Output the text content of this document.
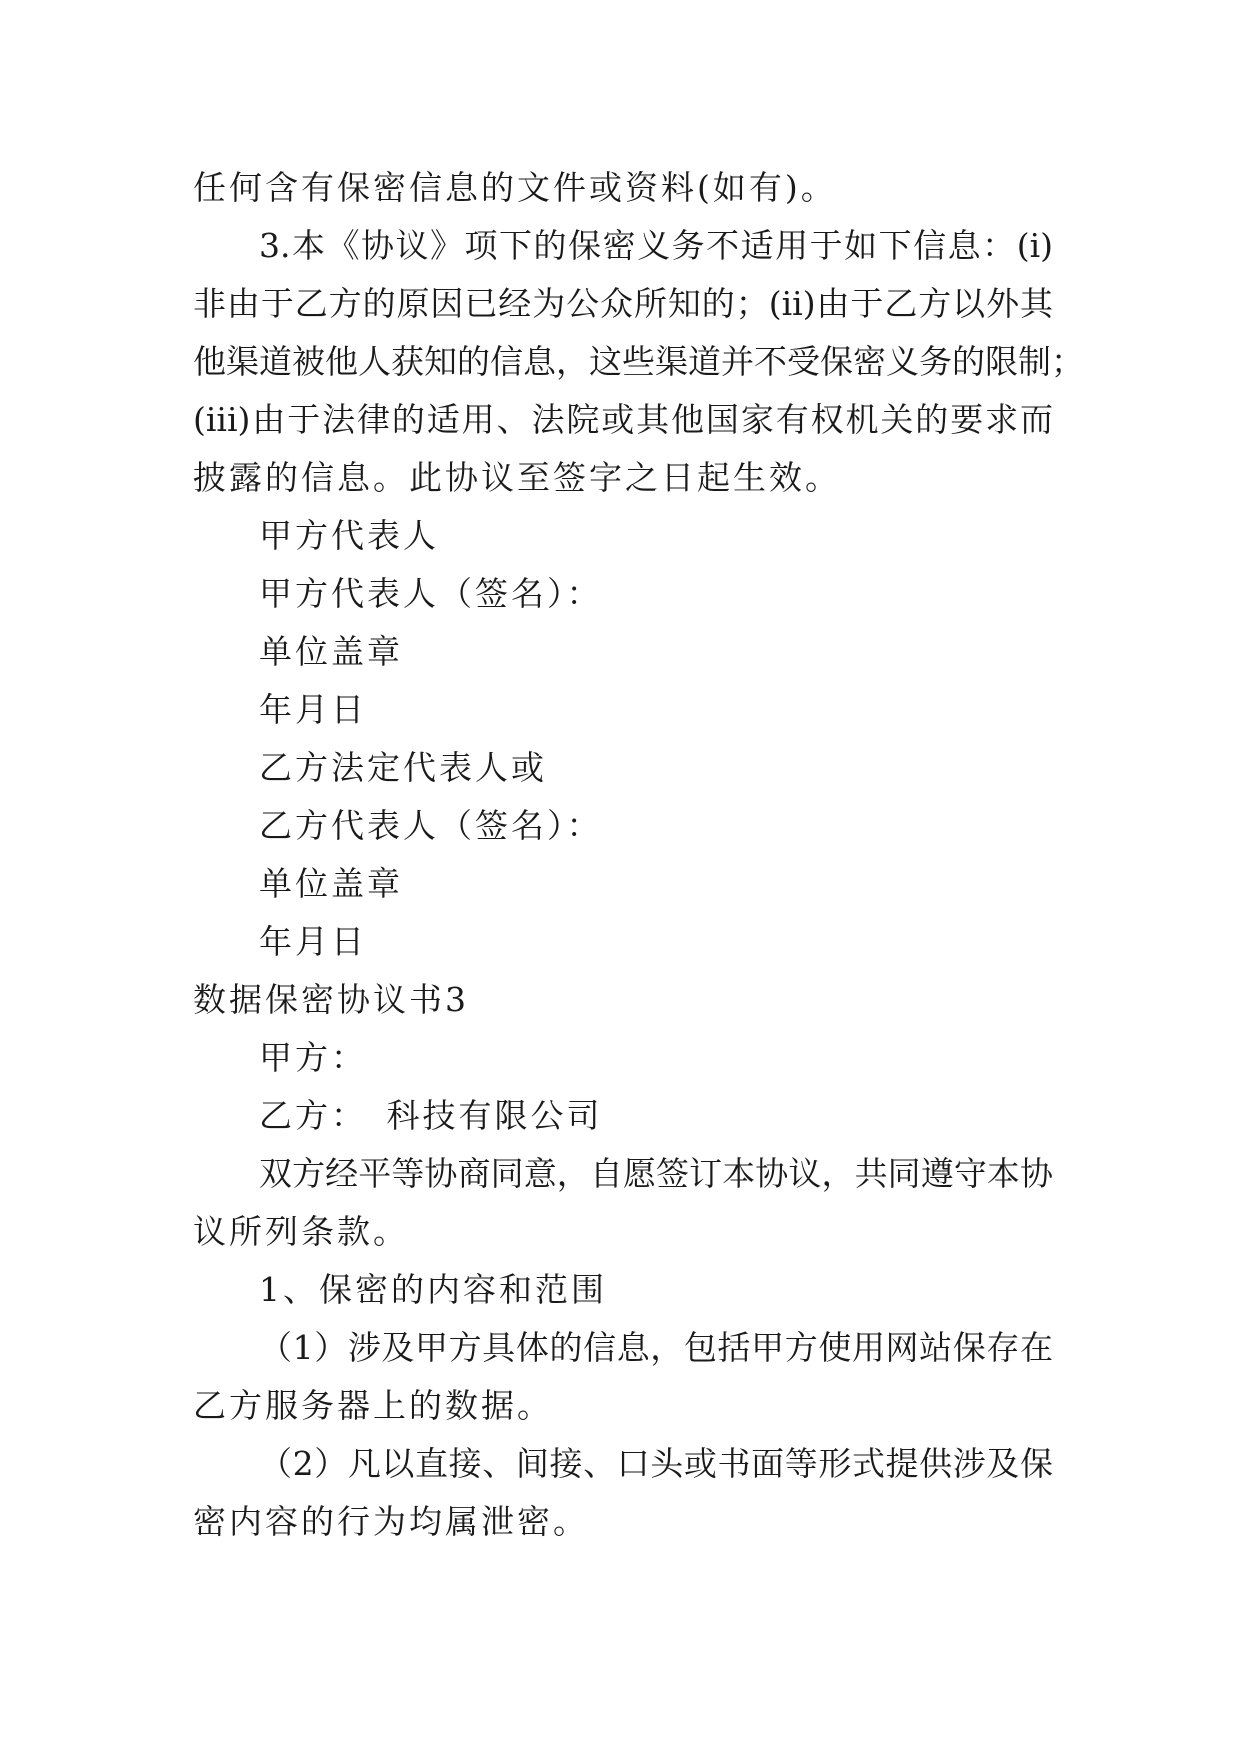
任何含有保密信息的文件或资料(如有)。
3.本《协议》项下的保密义务不适用于如下信息：(i)
非由于乙方的原因已经为公众所知的；(ii)由于乙方以外其
他渠道被他人获知的信息，这些渠道并不受保密义务的限制；
(iii)由于法律的适用、法院或其他国家有权机关的要求而
披露的信息。此协议至签字之日起生效。
甲方代表人
甲方代表人（签名）：
单位盖章
年月日
乙方法定代表人或
乙方代表人（签名）：
单位盖章
年月日
数据保密协议书3
甲方：
乙方：　科技有限公司
双方经平等协商同意，自愿签订本协议，共同遵守本协
议所列条款。
1、保密的内容和范围
（1）涉及甲方具体的信息，包括甲方使用网站保存在
乙方服务器上的数据。
（2）凡以直接、间接、口头或书面等形式提供涉及保
密内容的行为均属泄密。
